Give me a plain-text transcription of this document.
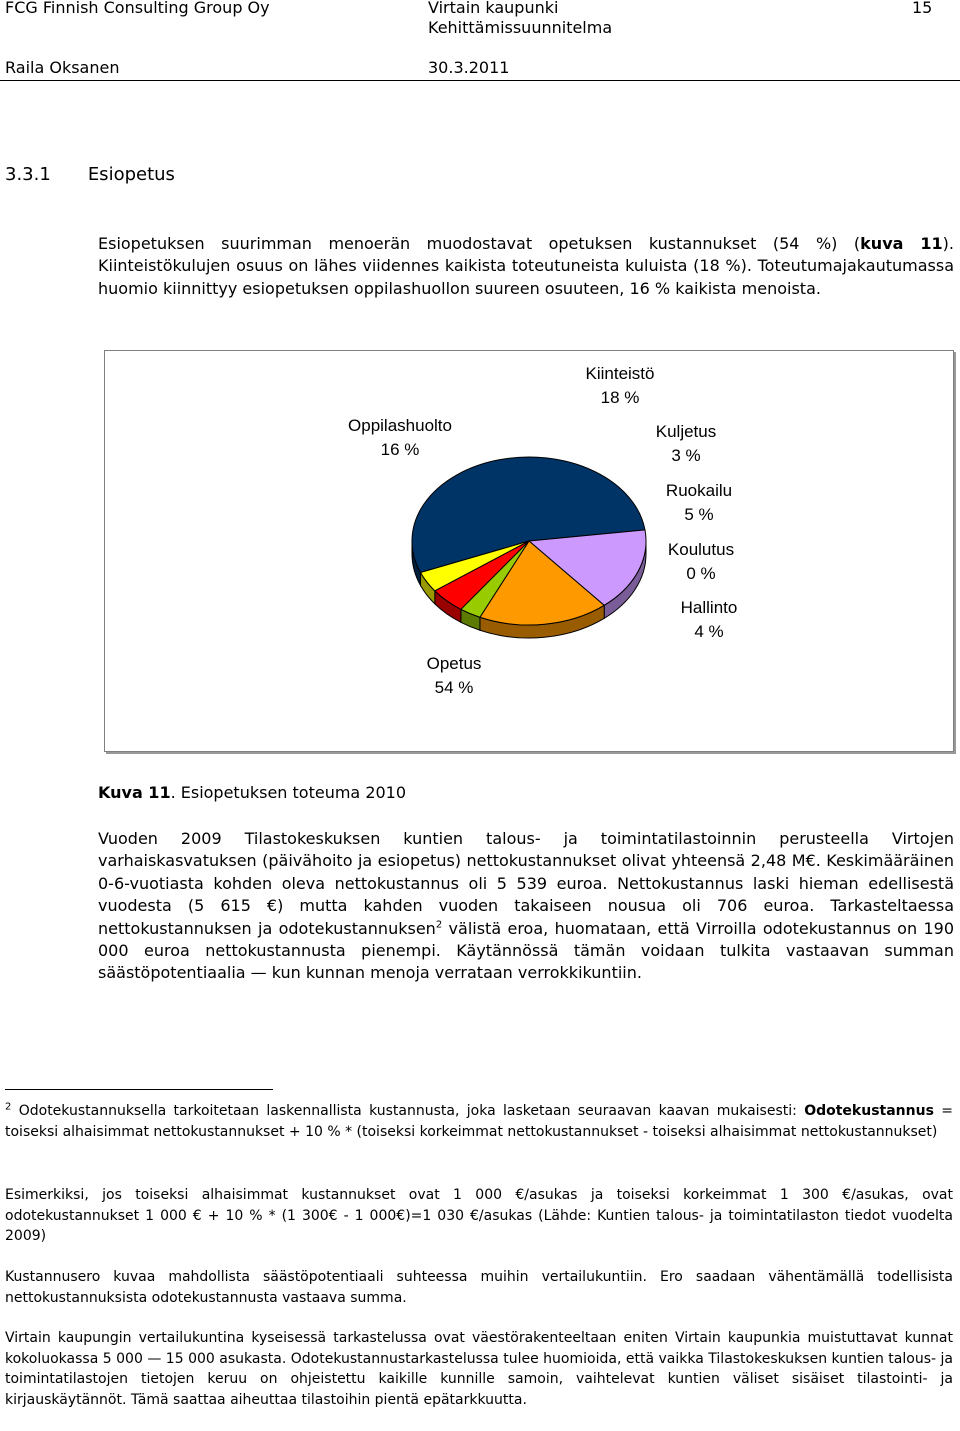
FCG Finnish Consulting Group Oy	Virtain kaupunki
Kehittämissuunnitelma
15
Raila Oksanen	30.3.2011
3.3.1 Esiopetus
Esiopetuksen suurimman menoerän muodostavat opetuksen kustannukset (54 %) (kuva 11). Kiinteistökulujen osuus on lähes viidennes kaikista toteutuneista kuluista (18 %). Toteutumajakautumassa huomio kiinnittyy esiopetuksen oppilashuollon suureen osuuteen, 16 % kaikista menoista.
Opetus
54 %
Oppilashuolto
16 %
Kiinteistö
18 %
Kuljetus
3 %
Ruokailu
5 %
Koulutus
0 %
Hallinto
4 %
Kuva 11. Esiopetuksen toteuma 2010
Vuoden 2009 Tilastokeskuksen kuntien talous- ja toimintatilastoinnin perusteella Virtojen varhaiskasvatuksen (päivähoito ja esiopetus) nettokustannukset olivat yhteensä 2,48 M€. Keskimääräinen 0-6-vuotiasta kohden oleva nettokustannus oli 5 539 euroa. Nettokustannus laski hieman edellisestä vuodesta (5 615 €) mutta kahden vuoden takaiseen nousua oli 706 euroa. Tarkasteltaessa nettokustannuksen ja odotekustannuksen$^2$ välistä eroa, huomataan, että Virroilla odotekustannus on 190 000 euroa nettokustannusta pienempi. Käytännössä tämän voidaan tulkita vastaavan summan säästöpotentiaalia — kun kunnan menoja verrataan verrokkikuntiin.
$^2$ Odotekustannuksella tarkoitetaan laskennallista kustannusta, joka lasketaan seuraavan kaavan mukaisesti: Odotekustannus = toiseksi alhaisimmat nettokustannukset + 10 % * (toiseksi korkeimmat nettokustannukset - toiseksi alhaisimmat nettokustannukset)
Esimerkiksi, jos toiseksi alhaisimmat kustannukset ovat 1 000 €/asukas ja toiseksi korkeimmat 1 300 €/asukas, ovat odotekustannukset 1 000 € + 10 % * (1 300€ - 1 000€)=1 030 €/asukas (Lähde: Kuntien talous- ja toimintatilaston tiedot vuodelta 2009)
Kustannusero kuvaa mahdollista säästöpotentiaali suhteessa muihin vertailukuntiin. Ero saadaan vähentämällä todellisista nettokustannuksista odotekustannusta vastaava summa.
Virtain kaupungin vertailukuntina kyseisessä tarkastelussa ovat väestörakenteeltaan eniten Virtain kaupunkia muistuttavat kunnat kokoluokassa 5 000 — 15 000 asukasta. Odotekustannustarkastelussa tulee huomioida, että vaikka Tilastokeskuksen kuntien talous- ja toimintatilastojen tietojen keruu on ohjeistettu kaikille kunnille samoin, vaihtelevat kuntien väliset sisäiset tilastointi- ja kirjauskäytännöt. Tämä saattaa aiheuttaa tilastoihin pientä epätarkkuutta.
